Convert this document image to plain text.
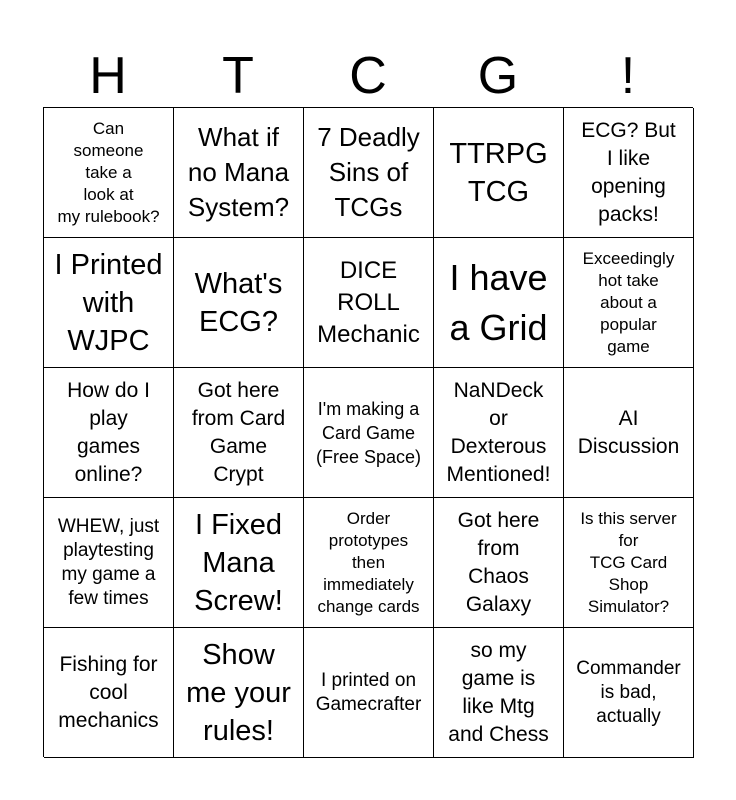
H	T	C	G	!
Can
someone
take a
look at
my rulebook?
What if
no Mana
System?
7 Deadly
Sins of
TCGs
TTRPG
TCG
ECG? But
I like
opening
packs!
I Printed
with
WJPC
What's
ECG?
DICE
ROLL
Mechanic
I have
a Grid
Exceedingly
hot take
about a
popular
game
How do I
play
games
online?
Got here
from Card
Game
Crypt
I'm making a
Card Game
(Free Space)
NaNDeck
or
Dexterous
Mentioned!
AI
Discussion
WHEW, just
playtesting
my game a
few times
I Fixed
Mana
Screw!
Order
prototypes
then
immediately
change cards
Got here
from
Chaos
Galaxy
Is this server
for
TCG Card
Shop
Simulator?
Fishing for
cool
mechanics
Show
me your
rules!
I printed on
Gamecrafter
so my
game is
like Mtg
and Chess
Commander
is bad,
actually
